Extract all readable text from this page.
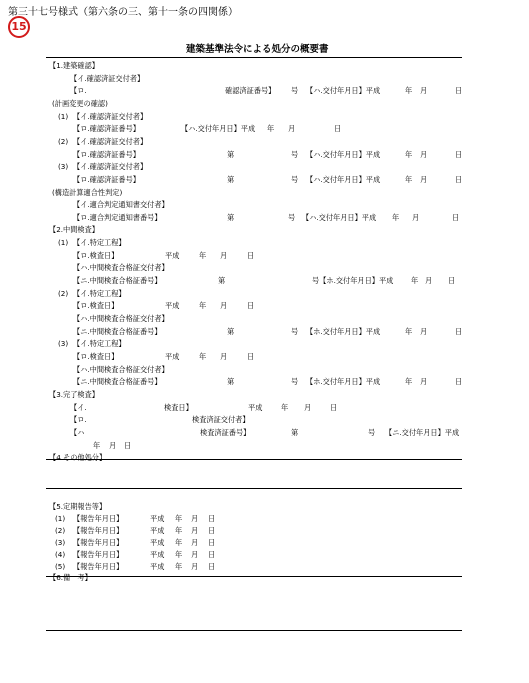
第三十七号様式（第六条の三、第十一条の四関係）
15
建築基準法令による処分の概要書
【1.建築確認】
【イ.確認済証交付者】
【ロ.	確認済証番号】 号 【ハ.交付年月日】平成	年 月	日
(計画変更の確認)
(1) 【イ.確認済証交付者】
【ロ.確認済証番号】	【ハ.交付年月日】平成 年 月	日
(2) 【イ.確認済証交付者】
【ロ.確認済証番号】	第	号 【ハ.交付年月日】平成	年 月	日
(3) 【イ.確認済証交付者】
【ロ.確認済証番号】	第	号 【ハ.交付年月日】平成	年 月	日
(構造計算適合性判定)
【イ.適合判定通知書交付者】
【ロ.適合判定通知書番号】	第	号 【ハ.交付年月日】平成 年 月	日
【2.中間検査】
(1) 【イ.特定工程】
【ロ.検査日】	平成	年 月	日
【ハ.中間検査合格証交付者】
【ニ.中間検査合格証番号】	第	号【ホ.交付年月日】平成 年 月 日
(2) 【イ.特定工程】
【ロ.検査日】	平成	年 月	日
【ハ.中間検査合格証交付者】
【ニ.中間検査合格証番号】	第	号 【ホ.交付年月日】平成	年 月	日
(3) 【イ.特定工程】
【ロ.検査日】	平成	年 月	日
【ハ.中間検査合格証交付者】
【ニ.中間検査合格証番号】	第	号 【ホ.交付年月日】平成	年 月	日
【3.完了検査】
【イ.	検査日】	平成	年 月	日
【ロ.	検査済証交付者】
【ハ	検査済証番号】	第	号 【ニ.交付年月日】平成
年 月 日
【4.その他処分】
【5.定期報告等】
(1) 【報告年月日】	平成 年 月 日
(2) 【報告年月日】	平成 年 月 日
(3) 【報告年月日】	平成 年 月 日
(4) 【報告年月日】	平成 年 月 日
(5) 【報告年月日】	平成 年 月 日
【6.備　考】
